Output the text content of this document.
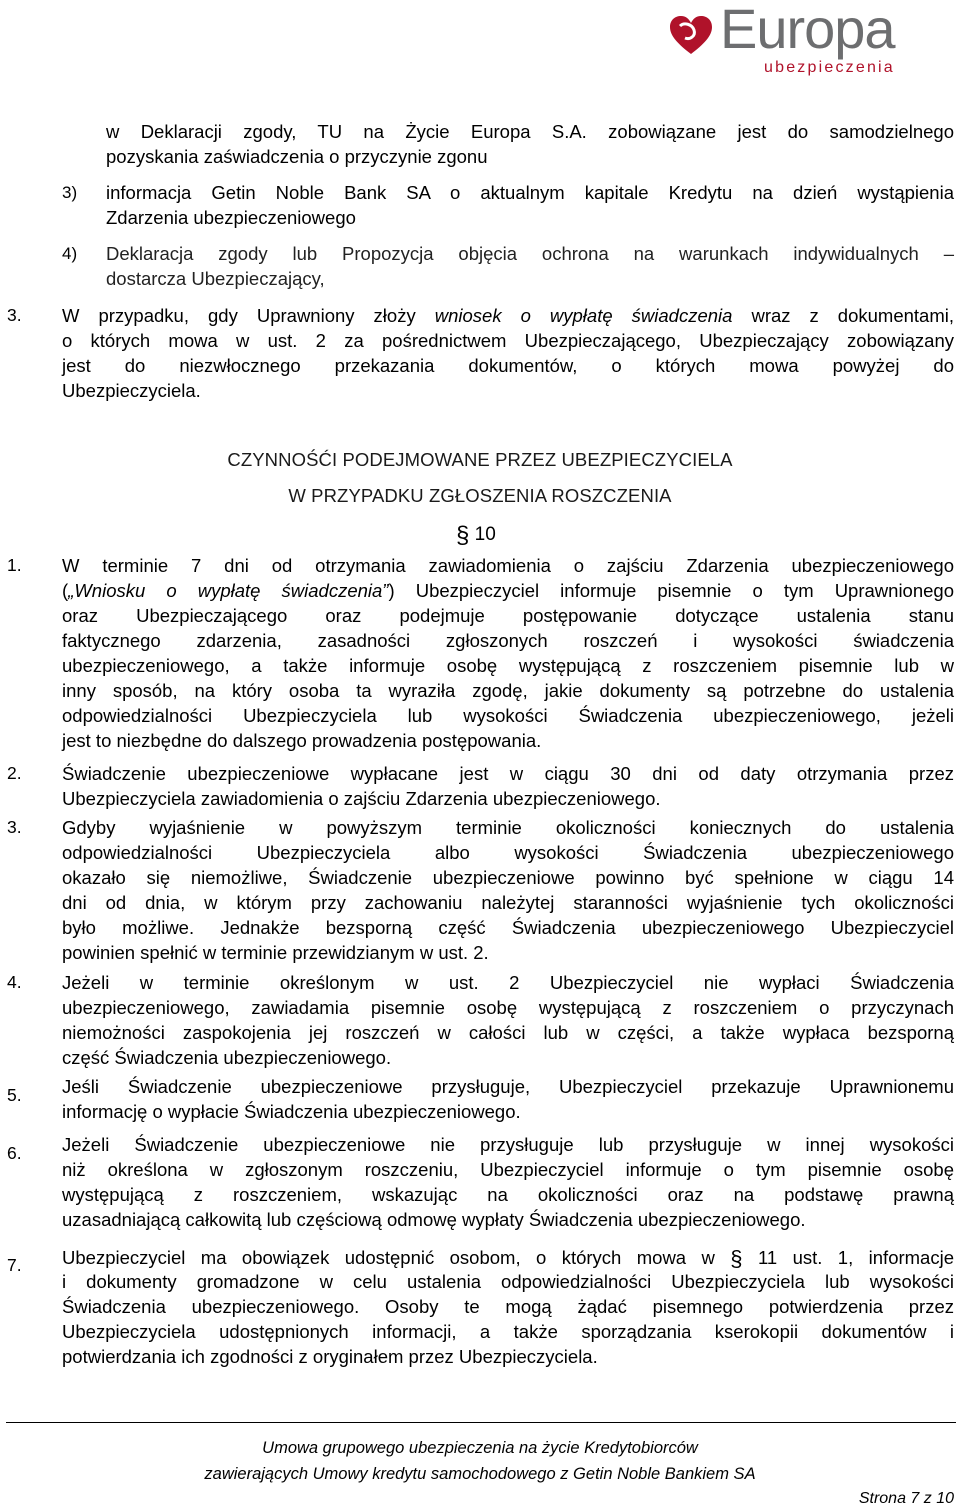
Europa
ubezpieczenia
w Deklaracji zgody, TU na Życie Europa S.A. zobowiązane jest do samodzielnego
pozyskania zaświadczenia o przyczynie zgonu
3) informacja Getin Noble Bank SA o aktualnym kapitale Kredytu na dzień wystąpienia
Zdarzenia ubezpieczeniowego
4) Deklaracja zgody lub Propozycja objęcia ochrona na warunkach indywidualnych –
dostarcza Ubezpieczający,
3. W przypadku, gdy Uprawniony złoży wniosek o wypłatę świadczenia wraz z dokumentami,
o których mowa w ust. 2 za pośrednictwem Ubezpieczającego, Ubezpieczający zobowiązany
jest do niezwłocznego przekazania dokumentów, o których mowa powyżej do
Ubezpieczyciela.
CZYNNOŚĆI PODEJMOWANE PRZEZ UBEZPIECZYCIELA
W PRZYPADKU ZGŁOSZENIA ROSZCZENIA
§ 10
1. W terminie 7 dni od otrzymania zawiadomienia o zajściu Zdarzenia ubezpieczeniowego
(„Wniosku o wypłatę świadczenia”) Ubezpieczyciel informuje pisemnie o tym Uprawnionego
oraz Ubezpieczającego oraz podejmuje postępowanie dotyczące ustalenia stanu
faktycznego zdarzenia, zasadności zgłoszonych roszczeń i wysokości świadczenia
ubezpieczeniowego, a także informuje osobę występującą z roszczeniem pisemnie lub w
inny sposób, na który osoba ta wyraziła zgodę, jakie dokumenty są potrzebne do ustalenia
odpowiedzialności Ubezpieczyciela lub wysokości Świadczenia ubezpieczeniowego, jeżeli
jest to niezbędne do dalszego prowadzenia postępowania.
2. Świadczenie ubezpieczeniowe wypłacane jest w ciągu 30 dni od daty otrzymania przez
Ubezpieczyciela zawiadomienia o zajściu Zdarzenia ubezpieczeniowego.
3. Gdyby wyjaśnienie w powyższym terminie okoliczności koniecznych do ustalenia
odpowiedzialności Ubezpieczyciela albo wysokości Świadczenia ubezpieczeniowego
okazało się niemożliwe, Świadczenie ubezpieczeniowe powinno być spełnione w ciągu 14
dni od dnia, w którym przy zachowaniu należytej staranności wyjaśnienie tych okoliczności
było możliwe. Jednakże bezsporną część Świadczenia ubezpieczeniowego Ubezpieczyciel
powinien spełnić w terminie przewidzianym w ust. 2.
4. Jeżeli w terminie określonym w ust. 2 Ubezpieczyciel nie wypłaci Świadczenia
ubezpieczeniowego, zawiadamia pisemnie osobę występującą z roszczeniem o przyczynach
niemożności zaspokojenia jej roszczeń w całości lub w części, a także wypłaca bezsporną
część Świadczenia ubezpieczeniowego.
5. Jeśli Świadczenie ubezpieczeniowe przysługuje, Ubezpieczyciel przekazuje Uprawnionemu
informację o wypłacie Świadczenia ubezpieczeniowego.
6. Jeżeli Świadczenie ubezpieczeniowe nie przysługuje lub przysługuje w innej wysokości
niż określona w zgłoszonym roszczeniu, Ubezpieczyciel informuje o tym pisemnie osobę
występującą z roszczeniem, wskazując na okoliczności oraz na podstawę prawną
uzasadniającą całkowitą lub częściową odmowę wypłaty Świadczenia ubezpieczeniowego.
7. Ubezpieczyciel ma obowiązek udostępnić osobom, o których mowa w § 11 ust. 1, informacje
i dokumenty gromadzone w celu ustalenia odpowiedzialności Ubezpieczyciela lub wysokości
Świadczenia ubezpieczeniowego. Osoby te mogą żądać pisemnego potwierdzenia przez
Ubezpieczyciela udostępnionych informacji, a także sporządzania kserokopii dokumentów i
potwierdzania ich zgodności z oryginałem przez Ubezpieczyciela.
Umowa grupowego ubezpieczenia na życie Kredytobiorców
zawierających Umowy kredytu samochodowego z Getin Noble Bankiem SA
Strona 7 z 10
